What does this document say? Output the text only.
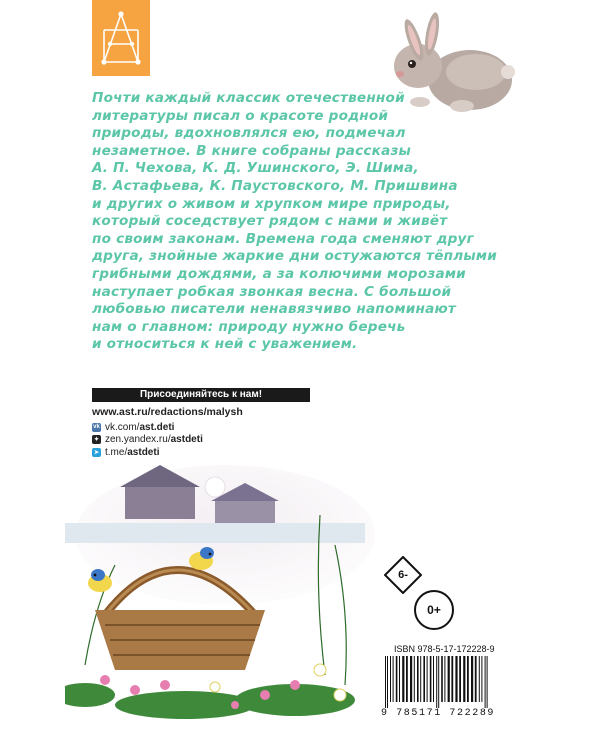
Почти каждый классик отечественной
литературы писал о красоте родной
природы, вдохновлялся ею, подмечал
незаметное. В книге собраны рассказы
А. П. Чехова, К. Д. Ушинского, Э. Шима,
В. Астафьева, К. Паустовского, М. Пришвина
и других о живом и хрупком мире природы,
который соседствует рядом с нами и живёт
по своим законам. Времена года сменяют друг
друга, знойные жаркие дни остужаются тёплыми
грибными дождями, а за колючими морозами
наступает робкая звонкая весна. С большой
любовью писатели ненавязчиво напоминают
нам о главном: природу нужно беречь
и относиться к ней с уважением.
Присоединяйтесь к нам!
www.ast.ru/redactions/malysh
vk vk.com/ ast.deti
✦ zen.yandex.ru/ astdeti
➤ t.me/ astdeti
6-
0+
ISBN 978-5-17-172228-9
9 785171 722289
